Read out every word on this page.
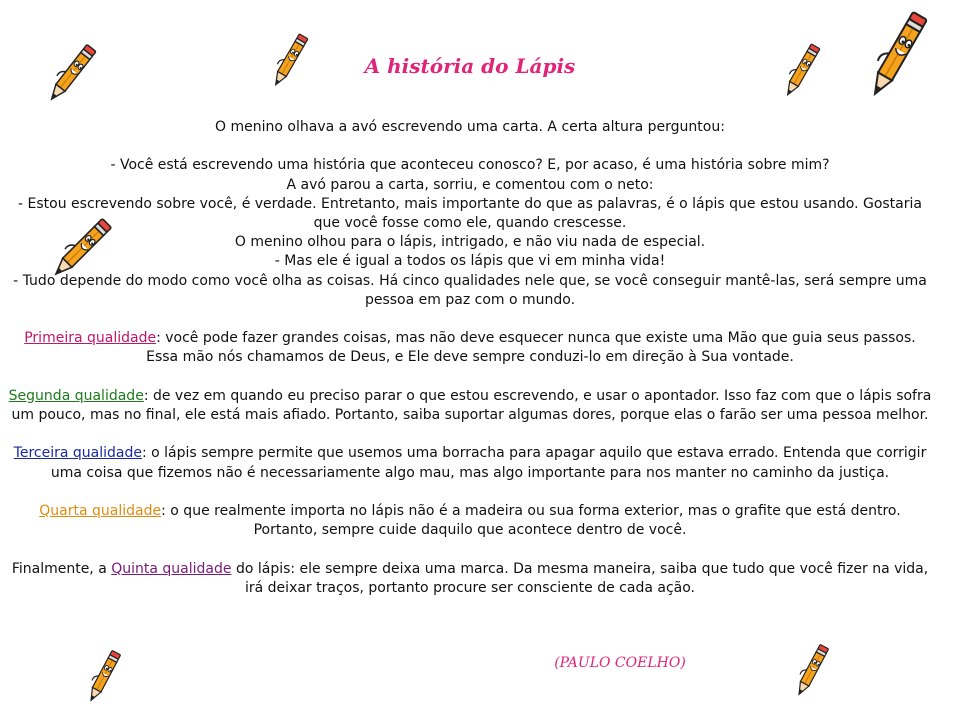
A história do Lápis

O menino olhava a avó escrevendo uma carta. A certa altura perguntou:

- Você está escrevendo uma história que aconteceu conosco? E, por acaso, é uma história sobre mim?

A avó parou a carta, sorriu, e comentou com o neto:

- Estou escrevendo sobre você, é verdade. Entretanto, mais importante do que as palavras, é o lápis que estou usando. Gostaria que você fosse como ele, quando crescesse.

O menino olhou para o lápis, intrigado, e não viu nada de especial.

- Mas ele é igual a todos os lápis que vi em minha vida!

- Tudo depende do modo como você olha as coisas. Há cinco qualidades nele que, se você conseguir mantê-las, será sempre uma pessoa em paz com o mundo.

Primeira qualidade: você pode fazer grandes coisas, mas não deve esquecer nunca que existe uma Mão que guia seus passos. Essa mão nós chamamos de Deus, e Ele deve sempre conduzi-lo em direção à Sua vontade.

Segunda qualidade: de vez em quando eu preciso parar o que estou escrevendo, e usar o apontador. Isso faz com que o lápis sofra um pouco, mas no final, ele está mais afiado. Portanto, saiba suportar algumas dores, porque elas o farão ser uma pessoa melhor.

Terceira qualidade: o lápis sempre permite que usemos uma borracha para apagar aquilo que estava errado. Entenda que corrigir uma coisa que fizemos não é necessariamente algo mau, mas algo importante para nos manter no caminho da justiça.

Quarta qualidade: o que realmente importa no lápis não é a madeira ou sua forma exterior, mas o grafite que está dentro. Portanto, sempre cuide daquilo que acontece dentro de você.

Finalmente, a Quinta qualidade do lápis: ele sempre deixa uma marca. Da mesma maneira, saiba que tudo que você fizer na vida, irá deixar traços, portanto procure ser consciente de cada ação.

(PAULO COELHO)
